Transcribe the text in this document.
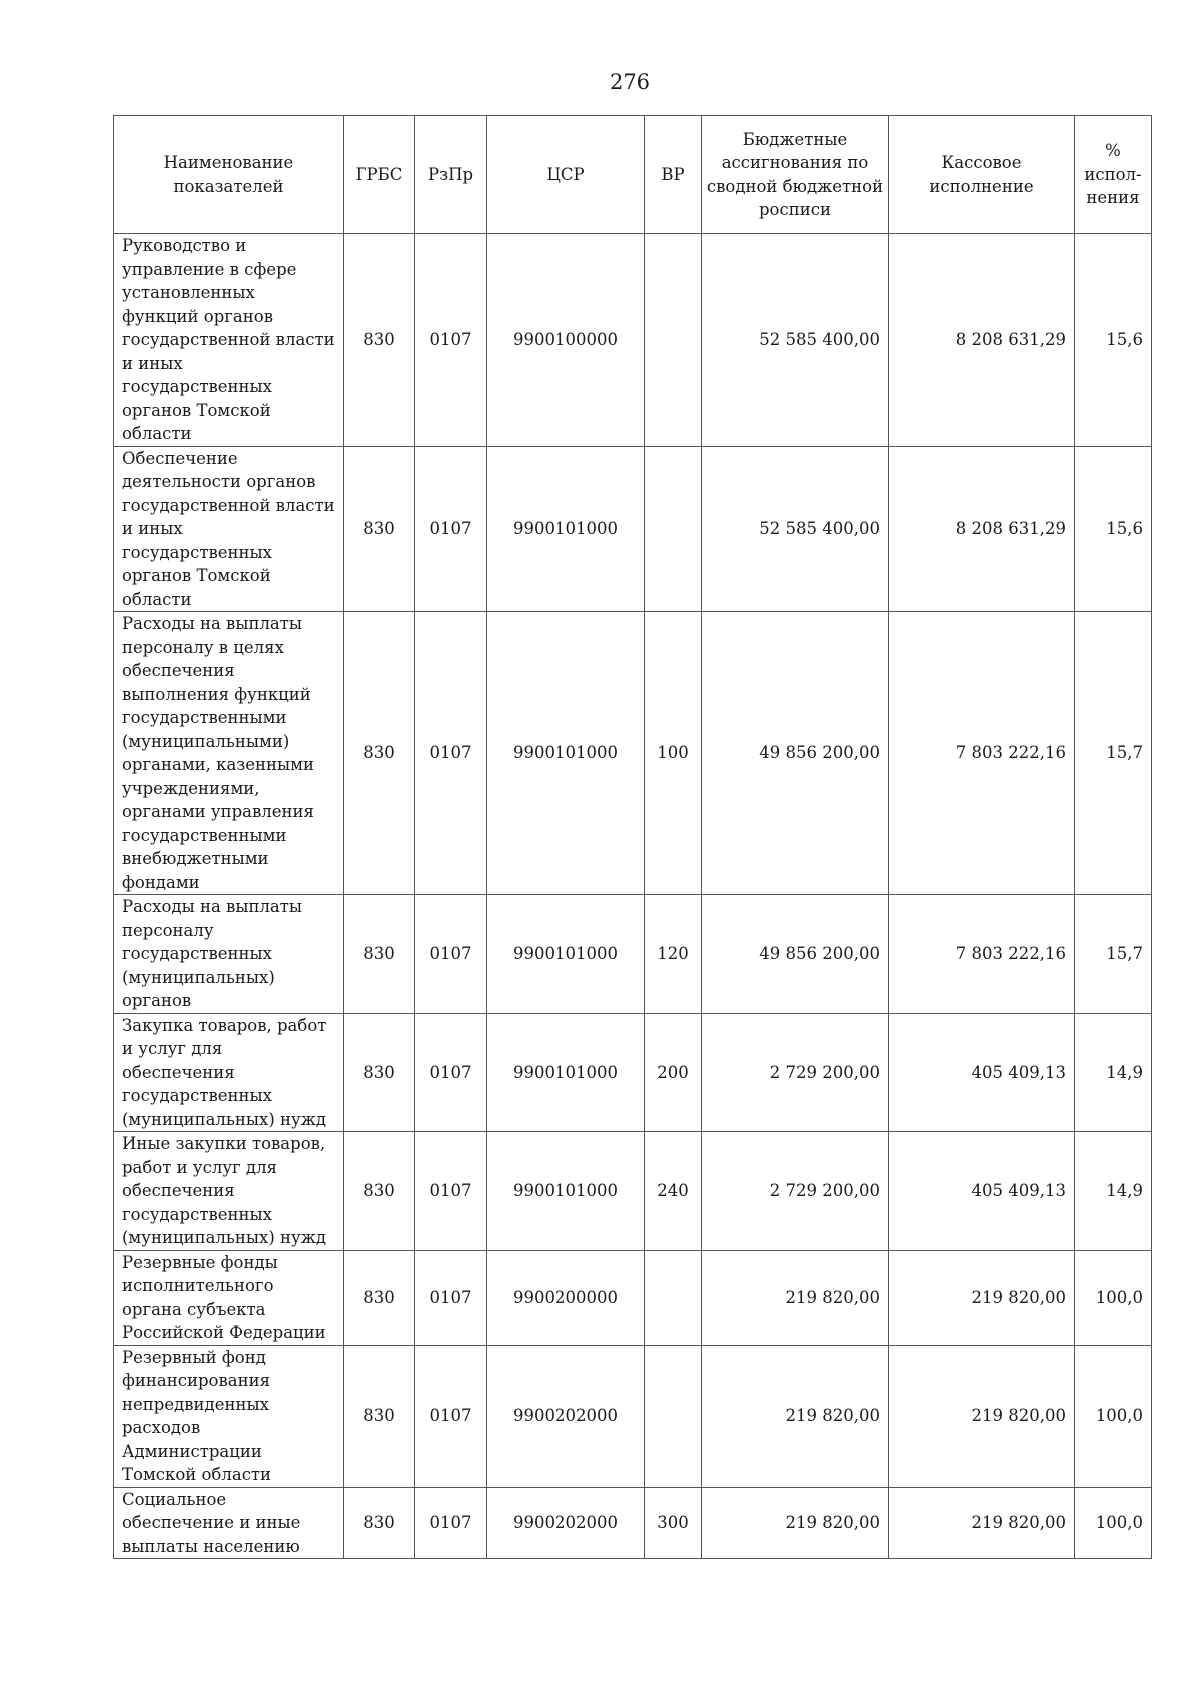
276
Наименование показателей	ГРБС	РзПр	ЦСР	ВР	Бюджетные ассигнования по сводной бюджетной росписи	Кассовое исполнение	% испол- нения
Руководство и управление в сфере установленных функций органов государственной власти и иных государственных органов Томской области	830	0107	9900100000		52 585 400,00	8 208 631,29	15,6
Обеспечение деятельности органов государственной власти и иных государственных органов Томской области	830	0107	9900101000		52 585 400,00	8 208 631,29	15,6
Расходы на выплаты персоналу в целях обеспечения выполнения функций государственными (муниципальными) органами, казенными учреждениями, органами управления государственными внебюджетными фондами	830	0107	9900101000	100	49 856 200,00	7 803 222,16	15,7
Расходы на выплаты персоналу государственных (муниципальных) органов	830	0107	9900101000	120	49 856 200,00	7 803 222,16	15,7
Закупка товаров, работ и услуг для обеспечения государственных (муниципальных) нужд	830	0107	9900101000	200	2 729 200,00	405 409,13	14,9
Иные закупки товаров, работ и услуг для обеспечения государственных (муниципальных) нужд	830	0107	9900101000	240	2 729 200,00	405 409,13	14,9
Резервные фонды исполнительного органа субъекта Российской Федерации	830	0107	9900200000		219 820,00	219 820,00	100,0
Резервный фонд финансирования непредвиденных расходов Администрации Томской области	830	0107	9900202000		219 820,00	219 820,00	100,0
Социальное обеспечение и иные выплаты населению	830	0107	9900202000	300	219 820,00	219 820,00	100,0
